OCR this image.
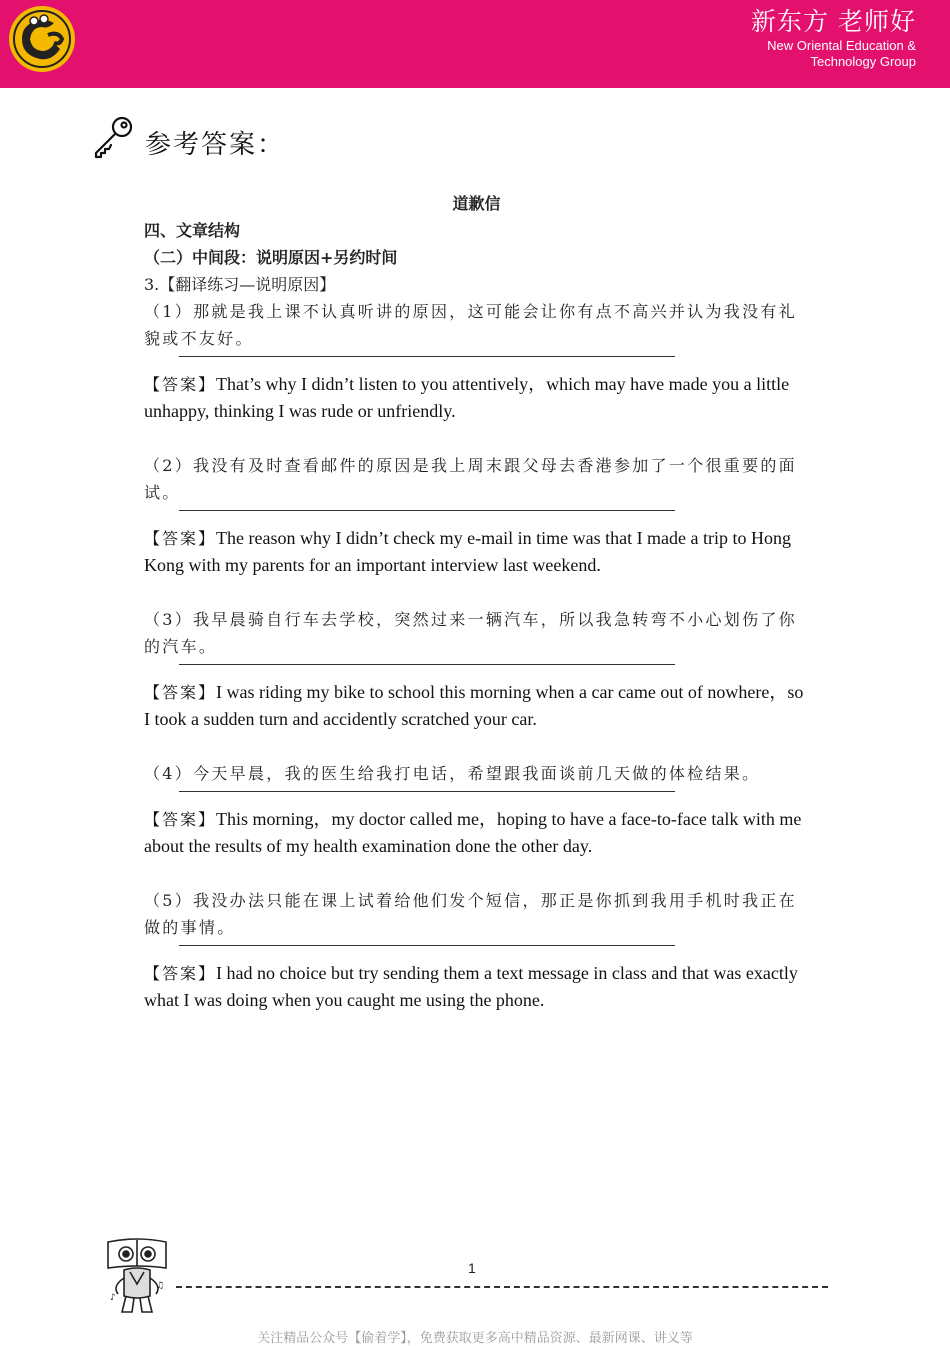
新东方 老师好
New Oriental Education &
Technology Group
参考答案：
道歉信
四、文章结构
（二）中间段：说明原因+另约时间
3.【翻译练习—说明原因】
（1）那就是我上课不认真听讲的原因，这可能会让你有点不高兴并认为我没有礼貌或不友好。
【答案】That’s why I didn’t listen to you attentively，which may have made you a little unhappy, thinking I was rude or unfriendly.
（2）我没有及时查看邮件的原因是我上周末跟父母去香港参加了一个很重要的面试。
【答案】The reason why I didn’t check my e-mail in time was that I made a trip to Hong Kong with my parents for an important interview last weekend.
（3）我早晨骑自行车去学校，突然过来一辆汽车，所以我急转弯不小心划伤了你的汽车。
【答案】I was riding my bike to school this morning when a car came out of nowhere，so I took a sudden turn and accidently scratched your car.
（4）今天早晨，我的医生给我打电话，希望跟我面谈前几天做的体检结果。
【答案】This morning，my doctor called me，hoping to have a face-to-face talk with me about the results of my health examination done the other day.
（5）我没办法只能在课上试着给他们发个短信，那正是你抓到我用手机时我正在做的事情。
【答案】I had no choice but try sending them a text message in class and that was exactly what I was doing when you caught me using the phone.
♪
♫
1
关注精品公众号【偷着学】，免费获取更多高中精品资源、最新网课、讲义等
